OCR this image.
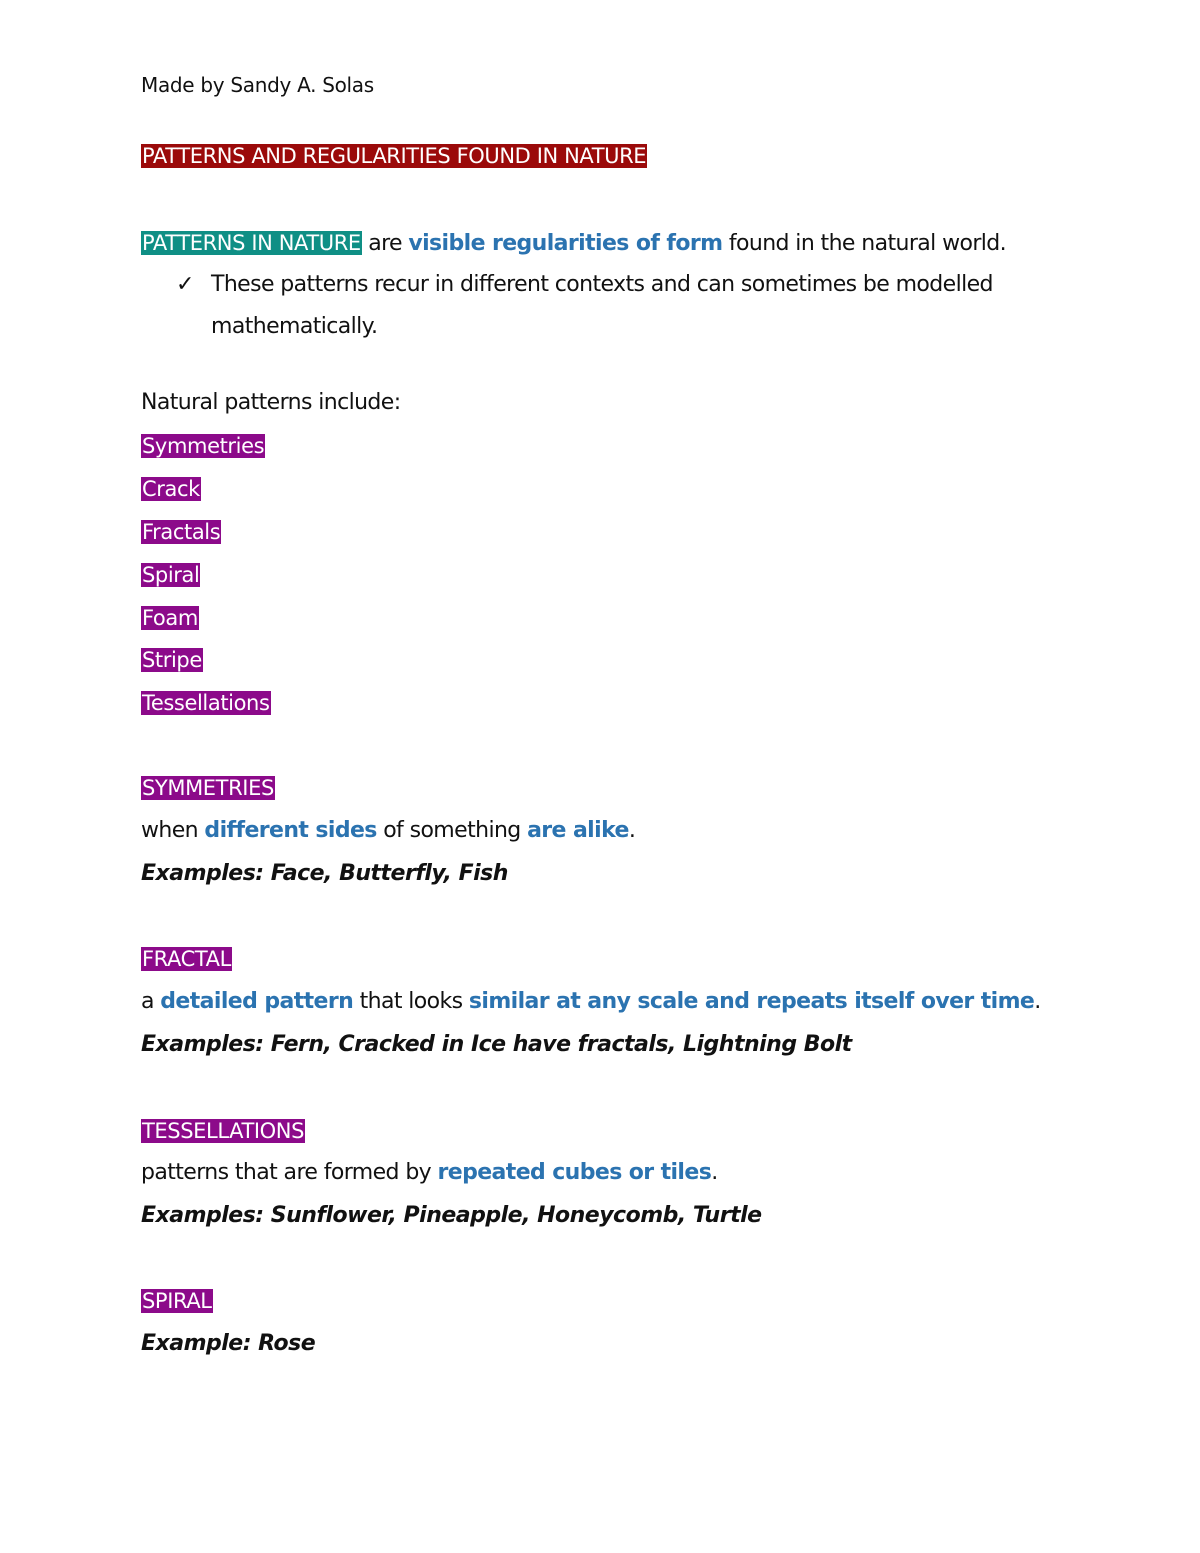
Made by Sandy A. Solas
PATTERNS AND REGULARITIES FOUND IN NATURE
PATTERNS IN NATURE are visible regularities of form found in the natural world.
✓ These patterns recur in different contexts and can sometimes be modelled
mathematically.
Natural patterns include:
Symmetries
Crack
Fractals
Spiral
Foam
Stripe
Tessellations
SYMMETRIES
when different sides of something are alike.
Examples: Face, Butterfly, Fish
FRACTAL
a detailed pattern that looks similar at any scale and repeats itself over time.
Examples: Fern, Cracked in Ice have fractals, Lightning Bolt
TESSELLATIONS
patterns that are formed by repeated cubes or tiles.
Examples: Sunflower, Pineapple, Honeycomb, Turtle
SPIRAL
Example: Rose
